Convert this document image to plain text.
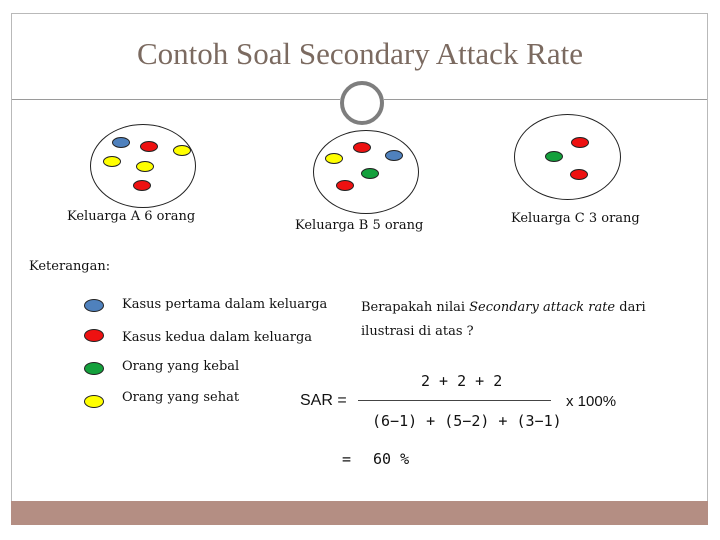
Contoh Soal Secondary Attack Rate
Keluarga A 6 orang
Keluarga B 5 orang	Keluarga C 3 orang
Keterangan:
Kasus pertama dalam keluarga
Kasus kedua dalam keluarga
Orang yang kebal
Orang yang sehat
Berapakah nilai Secondary attack rate dari
ilustrasi di atas ?
SAR =
2 + 2 + 2
(6−1) + (5−2) + (3−1)
x 100%
= 60 %
